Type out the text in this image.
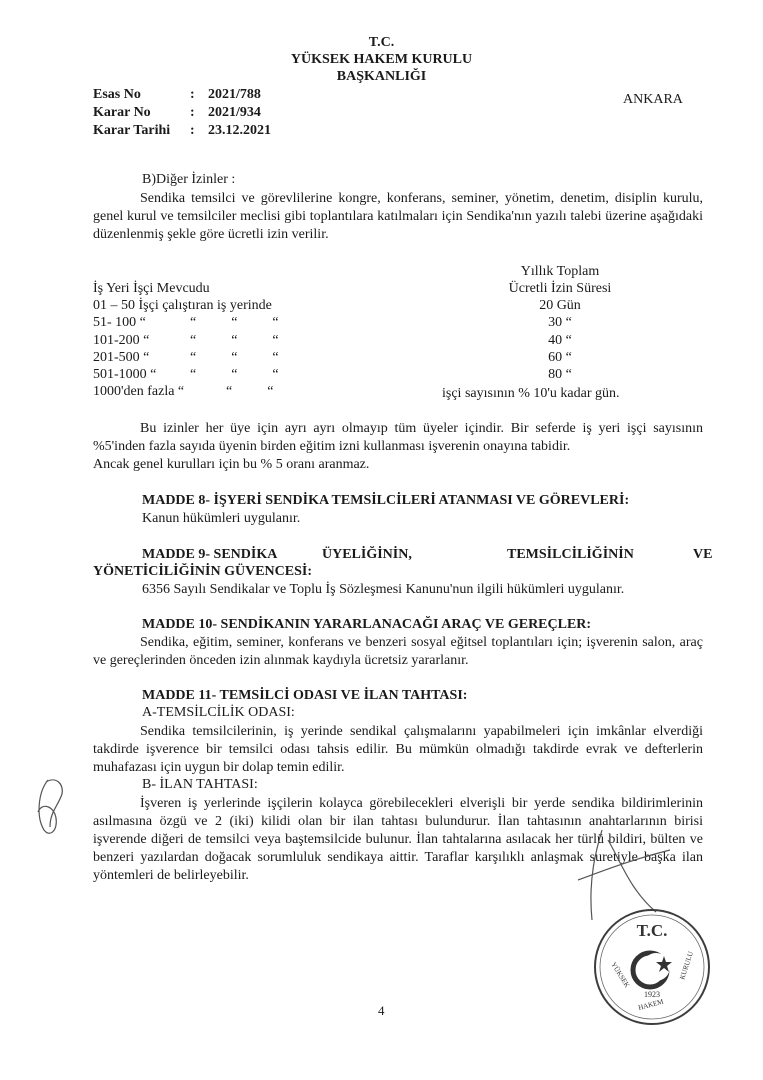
T.C.
YÜKSEK HAKEM KURULU
BAŞKANLIĞI
ANKARA
Esas No	: 2021/788
Karar No	: 2021/934
Karar Tarihi : 23.12.2021
B)Diğer İzinler :
Sendika temsilci ve görevlilerine kongre, konferans, seminer, yönetim, denetim, disiplin kurulu, genel kurul ve temsilciler meclisi gibi toplantılara katılmaları için Sendika'nın yazılı talebi üzerine aşağıdaki düzenlenmiş şekle göre ücretli izin verilir.
Yıllık Toplam
İş Yeri İşçi Mevcudu	Ücretli İzin Süresi
01 – 50 İşçi çalıştıran iş yerinde	20 Gün
51- 100 “	“          “          “	30 “
101-200 “	“          “          “	40 “
201-500 “	“          “          “	60 “
501-1000 “ “          “          “	80 “
1000'den fazla “	“          “	işçi sayısının % 10'u kadar gün.
Bu izinler her üye için ayrı ayrı olmayıp tüm üyeler içindir. Bir seferde iş yeri işçi sayısının %5'inden fazla sayıda üyenin birden eğitim izni kullanması işverenin onayına tabidir.
Ancak genel kurulları için bu % 5 oranı aranmaz.
MADDE 8- İŞYERİ SENDİKA TEMSİLCİLERİ ATANMASI VE GÖREVLERİ:
Kanun hükümleri uygulanır.
MADDE 9- SENDİKA	ÜYELİĞİNİN,	TEMSİLCİLİĞİNİN	VE
YÖNETİCİLİĞİNİN GÜVENCESİ:
6356 Sayılı Sendikalar ve Toplu İş Sözleşmesi Kanunu'nun ilgili hükümleri uygulanır.
MADDE 10- SENDİKANIN YARARLANACAĞI ARAÇ VE GEREÇLER:
Sendika, eğitim, seminer, konferans ve benzeri sosyal eğitsel toplantıları için; işverenin salon, araç ve gereçlerinden önceden izin alınmak kaydıyla ücretsiz yararlanır.
MADDE 11- TEMSİLCİ ODASI VE İLAN TAHTASI:
A-TEMSİLCİLİK ODASI:
Sendika temsilcilerinin, iş yerinde sendikal çalışmalarını yapabilmeleri için imkânlar elverdiği takdirde işverence bir temsilci odası tahsis edilir. Bu mümkün olmadığı takdirde evrak ve defterlerin muhafazası için uygun bir dolap temin edilir.
B- İLAN TAHTASI:
İşveren iş yerlerinde işçilerin kolayca görebilecekleri elverişli bir yerde sendika bildirimlerinin asılmasına özgü ve 2 (iki) kilidi olan bir ilan tahtası bulundurur. İlan tahtasının anahtarlarının birisi işverende diğeri de temsilci veya baştemsilcide bulunur. İlan tahtalarına asılacak her türlü bildiri, bülten ve benzeri yazılardan doğacak sorumluluk sendikaya aittir. Taraflar karşılıklı anlaşmak suretiyle başka ilan yöntemleri de belirleyebilir.
T.C.
YÜKSEK
HAKEM
KURULU
1923
4
